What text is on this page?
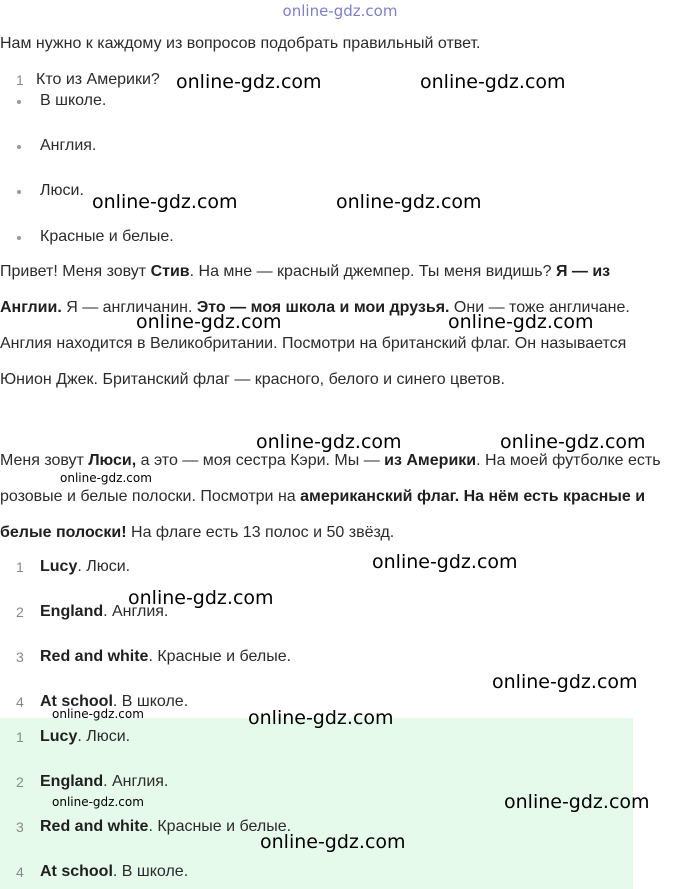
online-gdz.com
Нам нужно к каждому из вопросов подобрать правильный ответ.
1 Кто из Америки?
В школе.
Англия.
Люси.
Красные и белые.
Привет! Меня зовут Стив. На мне — красный джемпер. Ты меня видишь? Я — из Англии. Я — англичанин. Это — моя школа и мои друзья. Они — тоже англичане. Англия находится в Великобритании. Посмотри на британский флаг. Он называется Юнион Джек. Британский флаг — красного, белого и синего цветов.
Меня зовут Люси, а это — моя сестра Кэри. Мы — из Америки. На моей футболке есть розовые и белые полоски. Посмотри на американский флаг. На нём есть красные и белые полоски! На флаге есть 13 полос и 50 звёзд.
1 Lucy. Люси.
2 England. Англия.
3 Red and white. Красные и белые.
4 At school. В школе.
1 Lucy. Люси.
2 England. Англия.
3 Red and white. Красные и белые.
4 At school. В школе.
online-gdz.com	online-gdz.com
online-gdz.com	online-gdz.com
online-gdz.com	online-gdz.com
online-gdz.com	online-gdz.com
online-gdz.com
online-gdz.com
online-gdz.com
online-gdz.com
online-gdz.com	online-gdz.com
online-gdz.com	online-gdz.com
online-gdz.com
